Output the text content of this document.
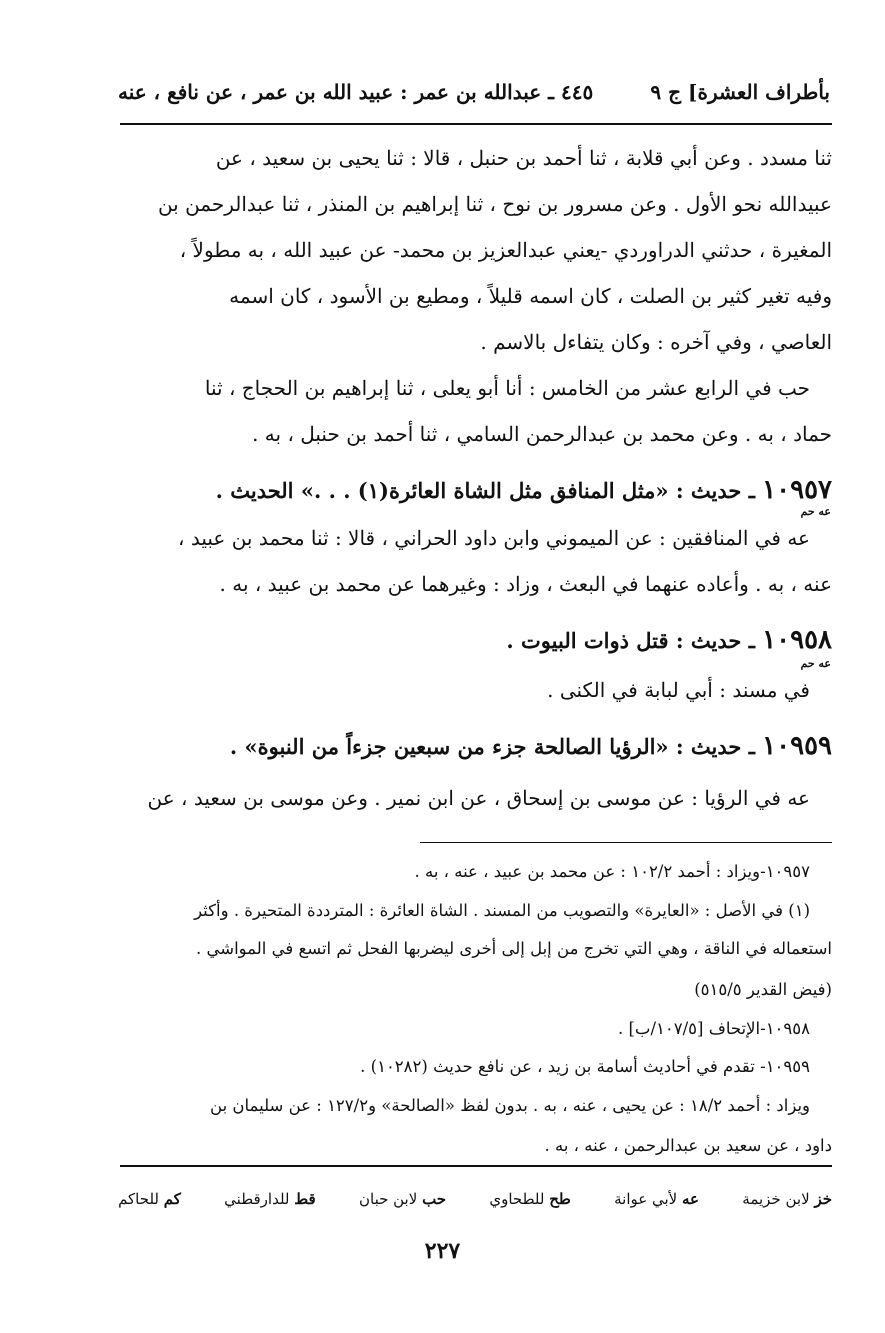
بأطراف العشرة] ج ٩
٤٤٥ ـ عبدالله بن عمر : عبيد الله بن عمر ، عن نافع ، عنه
ثنا مسدد . وعن أبي قلابة ، ثنا أحمد بن حنبل ، قالا : ثنا يحيى بن سعيد ، عن
عبيدالله نحو الأول . وعن مسرور بن نوح ، ثنا إبراهيم بن المنذر ، ثنا عبدالرحمن بن
المغيرة ، حدثني الدراوردي -يعني عبدالعزيز بن محمد- عن عبيد الله ، به مطولاً ،
وفيه تغير كثير بن الصلت ، كان اسمه قليلاً ، ومطيع بن الأسود ، كان اسمه
العاصي ، وفي آخره : وكان يتفاءل بالاسم .
حب في الرابع عشر من الخامس : أنا أبو يعلى ، ثنا إبراهيم بن الحجاج ، ثنا
حماد ، به . وعن محمد بن عبدالرحمن السامي ، ثنا أحمد بن حنبل ، به .
١٠٩٥٧ ـ حديث : «مثل المنافق مثل الشاة العائرة(١) . . .» الحديث .
عه حم
عه في المنافقين : عن الميموني وابن داود الحراني ، قالا : ثنا محمد بن عبيد ،
عنه ، به . وأعاده عنهما في البعث ، وزاد : وغيرهما عن محمد بن عبيد ، به .
١٠٩٥٨ ـ حديث : قتل ذوات البيوت .
عه حم
في مسند : أبي لبابة في الكنى .
١٠٩٥٩ ـ حديث : «الرؤيا الصالحة جزء من سبعين جزءاً من النبوة» .
عه في الرؤيا : عن موسى بن إسحاق ، عن ابن نمير . وعن موسى بن سعيد ، عن
١٠٩٥٧-ويزاد : أحمد ١٠٢/٢ : عن محمد بن عبيد ، عنه ، به .
(١) في الأصل : «العايرة» والتصويب من المسند . الشاة العائرة : المترددة المتحيرة . وأكثر
استعماله في الناقة ، وهي التي تخرج من إبل إلى أخرى ليضربها الفحل ثم اتسع في المواشي .
(فيض القدير ٥١٥/٥)
١٠٩٥٨-الإتحاف [١٠٧/٥/ب] .
١٠٩٥٩- تقدم في أحاديث أسامة بن زيد ، عن نافع حديث (١٠٢٨٢) .
ويزاد : أحمد ١٨/٢ : عن يحيى ، عنه ، به . بدون لفظ «الصالحة» و١٢٧/٢ : عن سليمان بن
داود ، عن سعيد بن عبدالرحمن ، عنه ، به .
خز لابن خزيمة
عه لأبي عوانة
طح للطحاوي
حب لابن حبان
قط للدارقطني
كم للحاكم
٢٢٧
